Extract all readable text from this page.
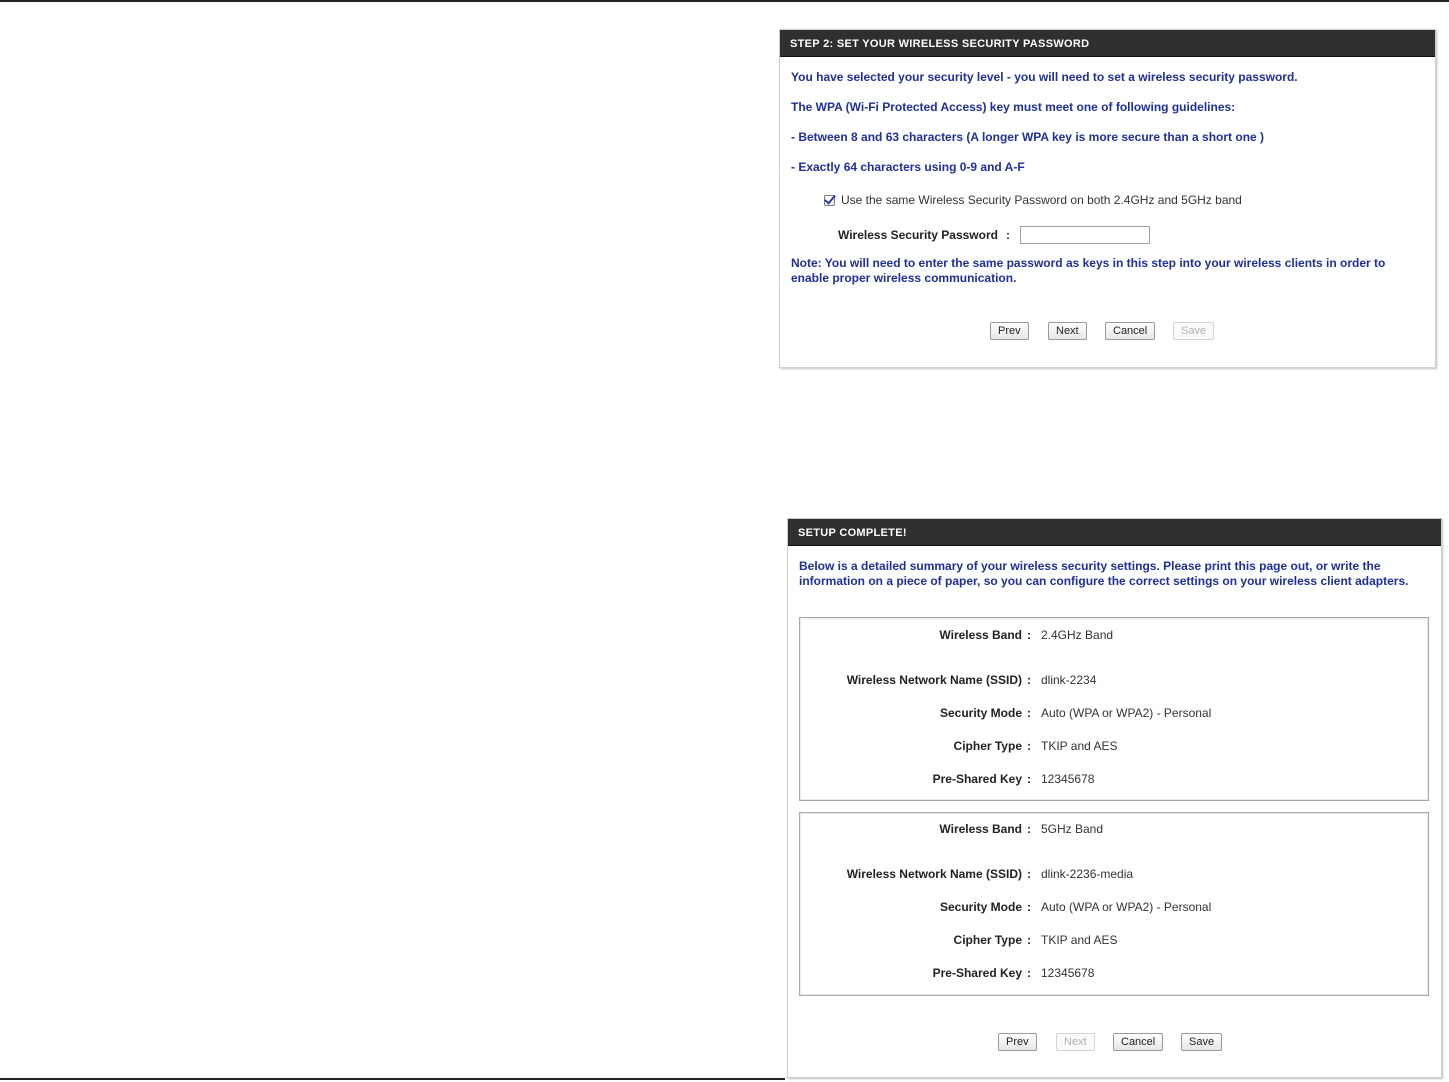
STEP 2: SET YOUR WIRELESS SECURITY PASSWORD
You have selected your security level - you will need to set a wireless security password.
The WPA (Wi-Fi Protected Access) key must meet one of following guidelines:
- Between 8 and 63 characters (A longer WPA key is more secure than a short one )
- Exactly 64 characters using 0-9 and A-F
Use the same Wireless Security Password on both 2.4GHz and 5GHz band
Wireless Security Password :
Note: You will need to enter the same password as keys in this step into your wireless clients in order to enable proper wireless communication.
Prev	Next	Cancel	Save
SETUP COMPLETE!
Below is a detailed summary of your wireless security settings. Please print this page out, or write the information on a piece of paper, so you can configure the correct settings on your wireless client adapters.
Wireless Band : 2.4GHz Band
Wireless Network Name (SSID) : dlink-2234
Security Mode : Auto (WPA or WPA2) - Personal
Cipher Type : TKIP and AES
Pre-Shared Key : 12345678
Wireless Band : 5GHz Band
Wireless Network Name (SSID) : dlink-2236-media
Security Mode : Auto (WPA or WPA2) - Personal
Cipher Type : TKIP and AES
Pre-Shared Key : 12345678
Prev	Next	Cancel	Save
